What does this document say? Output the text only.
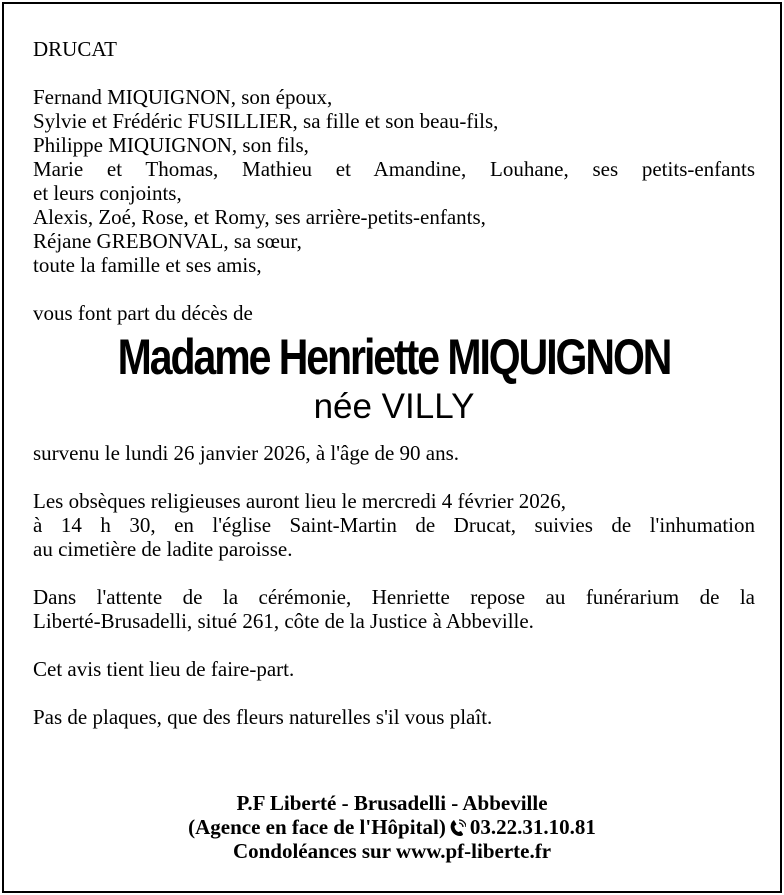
DRUCAT
Fernand MIQUIGNON, son époux,
Sylvie et Frédéric FUSILLIER, sa fille et son beau-fils,
Philippe MIQUIGNON, son fils,
Marie et Thomas, Mathieu et Amandine, Louhane, ses petits-enfants
et leurs conjoints,
Alexis, Zoé, Rose, et Romy, ses arrière-petits-enfants,
Réjane GREBONVAL, sa sœur,
toute la famille et ses amis,
vous font part du décès de
Madame Henriette MIQUIGNON
née VILLY
survenu le lundi 26 janvier 2026, à l'âge de 90 ans.
Les obsèques religieuses auront lieu le mercredi 4 février 2026,
à 14 h 30, en l'église Saint-Martin de Drucat, suivies de l'inhumation
au cimetière de ladite paroisse.
Dans l'attente de la cérémonie, Henriette repose au funérarium de la
Liberté-Brusadelli, situé 261, côte de la Justice à Abbeville.
Cet avis tient lieu de faire-part.
Pas de plaques, que des fleurs naturelles s'il vous plaît.
P.F Liberté - Brusadelli - Abbeville
(Agence en face de l'Hôpital) 03.22.31.10.81
Condoléances sur www.pf-liberte.fr
